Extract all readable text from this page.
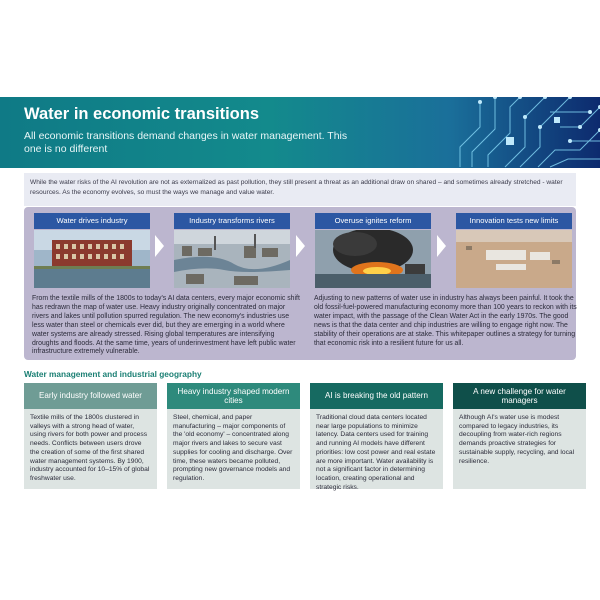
Water in economic transitions
All economic transitions demand changes in water management. This one is no different
While the water risks of the AI revolution are not as externalized as past pollution, they still present a threat as an additional draw on shared – and sometimes already stretched - water resources. As the economy evolves, so must the ways we manage and value water.
Water drives industry	Industry transforms rivers	Overuse ignites reform	Innovation tests new limits
From the textile mills of the 1800s to today's AI data centers, every major economic shift has redrawn the map of water use. Heavy industry originally concentrated on major rivers and lakes until pollution spurred regulation. The new economy's industries use less water than steel or chemicals ever did, but they are emerging in a world where water systems are already stressed. Rising global temperatures are intensifying droughts and floods. At the same time, years of underinvestment have left public water infrastructure extremely vulnerable.
Adjusting to new patterns of water use in industry has always been painful. It took the old fossil-fuel-powered manufacturing economy more than 100 years to reckon with its water impact, with the passage of the Clean Water Act in the early 1970s. The good news is that the data center and chip industries are willing to engage right now. The stability of their operations are at stake. This whitepaper outlines a strategy for turning that economic risk into a resilient future for us all.
Water management and industrial geography
Early industry followed water
Textile mills of the 1800s clustered in valleys with a strong head of water, using rivers for both power and process needs. Conflicts between users drove the creation of some of the first shared water management systems. By 1900, industry accounted for 10–15% of global freshwater use.
Heavy industry shaped modern cities
Steel, chemical, and paper manufacturing – major components of the 'old economy' – concentrated along major rivers and lakes to secure vast supplies for cooling and discharge. Over time, these waters became polluted, prompting new governance models and regulation.
AI is breaking the old pattern
Traditional cloud data centers located near large populations to minimize latency. Data centers used for training and running AI models have different priorities: low cost power and real estate are more important. Water availability is not a significant factor in determining location, creating operational and strategic risks.
A new challenge for water managers
Although AI's water use is modest compared to legacy industries, its decoupling from water-rich regions demands proactive strategies for sustainable supply, recycling, and local resilience.
